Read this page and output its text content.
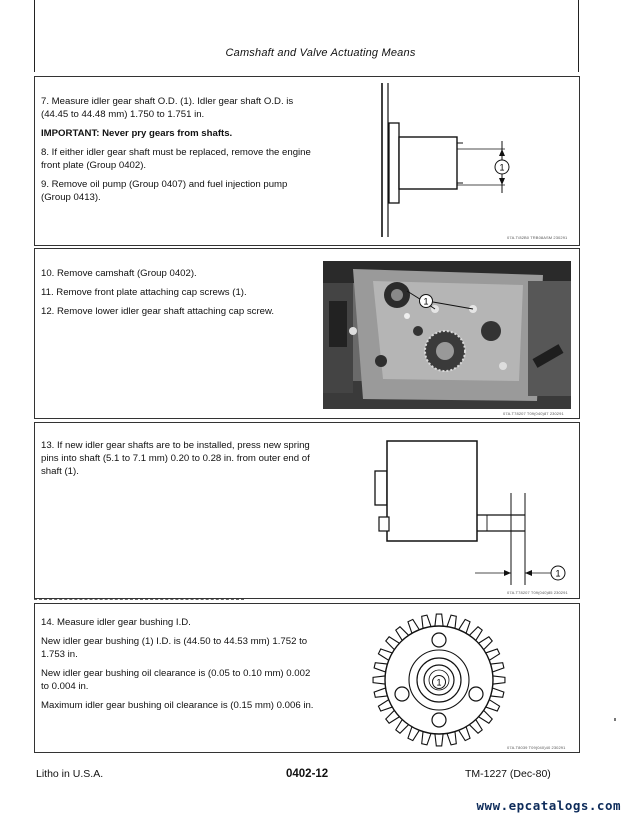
Camshaft and Valve Actuating Means

7. Measure idler gear shaft O.D. (1). Idler gear shaft O.D. is (44.45 to 44.48 mm) 1.750 to 1.751 in.

IMPORTANT: Never pry gears from shafts.

8. If either idler gear shaft must be replaced, remove the engine front plate (Group 0402).

9. Remove oil pump (Group 0407) and fuel injection pump (Group 0413).

1
07A.T/82B0 TRB08ASM 230291

10. Remove camshaft (Group 0402).

11. Remove front plate attaching cap screws (1).

12. Remove lower idler gear shaft attaching cap screw.

1
07A.T78207 T09(040)87 230291

13. If new idler gear shafts are to be installed, press new spring pins into shaft (5.1 to 7.1 mm) 0.20 to 0.28 in. from outer end of shaft (1).

1
07A.T78207 T09(040)85 230291

14. Measure idler gear bushing I.D.

New idler gear bushing (1) I.D. is (44.50 to 44.53 mm) 1.752 to 1.753 in.

New idler gear bushing oil clearance is (0.05 to 0.10 mm) 0.002 to 0.004 in.

Maximum idler gear bushing oil clearance is (0.15 mm) 0.006 in.

1
07A.T8039 T09(040)40 230291
Litho in U.S.A.	0402-12	TM-1227 (Dec-80)
www.epcatalogs.com
